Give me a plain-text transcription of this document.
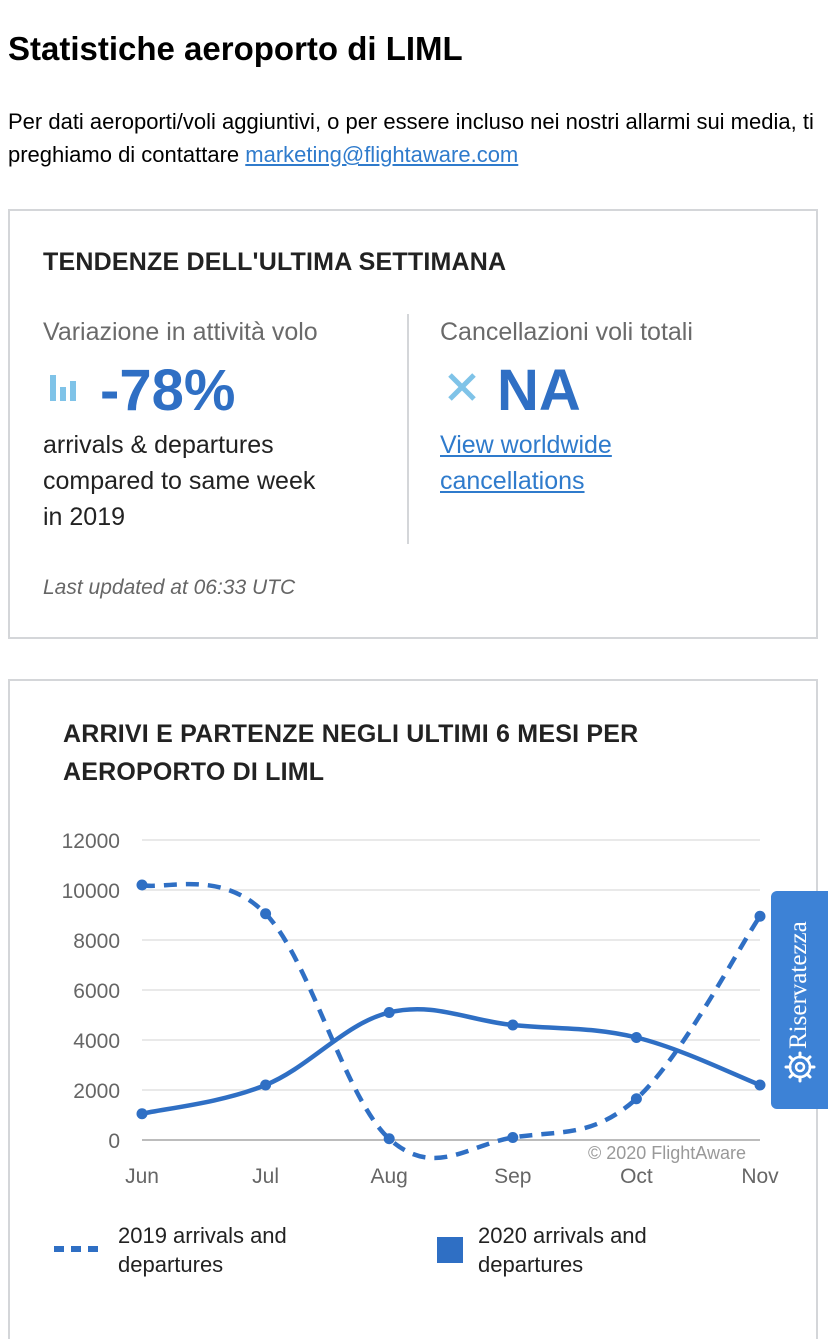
Statistiche aeroporto di LIML
Per dati aeroporti/voli aggiuntivi, o per essere incluso nei nostri allarmi sui media, ti preghiamo di contattare marketing@flightaware.com
TENDENZE DELL'ULTIMA SETTIMANA
Variazione in attività volo
-78%
arrivals & departures
compared to same week
in 2019
Cancellazioni voli totali
NA
View worldwide
cancellations
Last updated at 06:33 UTC
ARRIVI E PARTENZE NEGLI ULTIMI 6 MESI PER
AEROPORTO DI LIML
0
2000
4000
6000
8000
10000
12000
Jun	Jul	Aug	Sep	Oct	Nov
© 2020 FlightAware
2019 arrivals and
departures
2020 arrivals and
departures
Riservatezza
